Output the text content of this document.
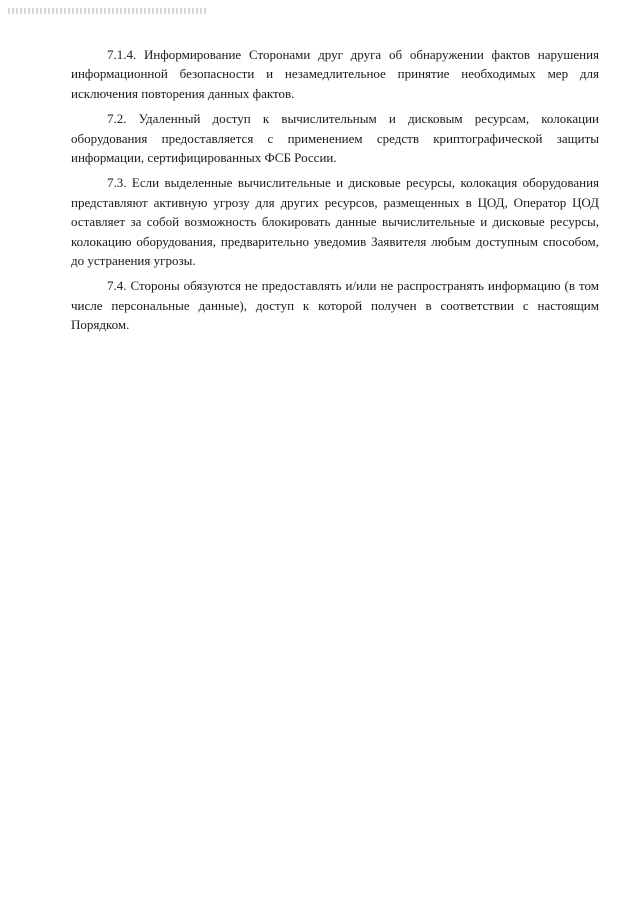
7.1.4. Информирование Сторонами друг друга об обнаружении фактов нарушения информационной безопасности и незамедлительное принятие необходимых мер для исключения повторения данных фактов.

7.2. Удаленный доступ к вычислительным и дисковым ресурсам, колокации оборудования предоставляется с применением средств криптографической защиты информации, сертифицированных ФСБ России.

7.3. Если выделенные вычислительные и дисковые ресурсы, колокация оборудования представляют активную угрозу для других ресурсов, размещенных в ЦОД, Оператор ЦОД оставляет за собой возможность блокировать данные вычислительные и дисковые ресурсы, колокацию оборудования, предварительно уведомив Заявителя любым доступным способом, до устранения угрозы.

7.4. Стороны обязуются не предоставлять и/или не распространять информацию (в том числе персональные данные), доступ к которой получен в соответствии с настоящим Порядком.
